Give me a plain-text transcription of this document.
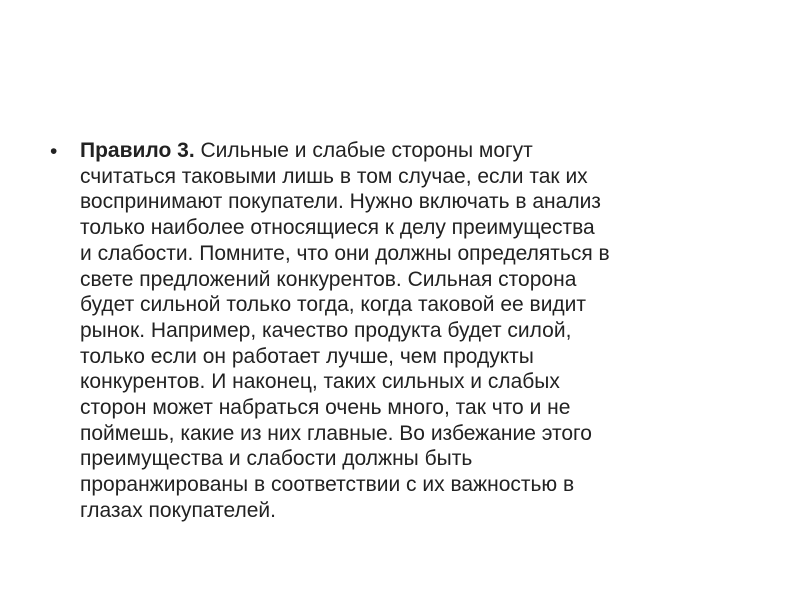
•
Правило 3. Сильные и слабые стороны могут
считаться таковыми лишь в том случае, если так их
воспринимают покупатели. Нужно включать в анализ
только наиболее относящиеся к делу преимущества
и слабости. Помните, что они должны определяться в
свете предложений конкурентов. Сильная сторона
будет сильной только тогда, когда таковой ее видит
рынок. Например, качество продукта будет силой,
только если он работает лучше, чем продукты
конкурентов. И наконец, таких сильных и слабых
сторон может набраться очень много, так что и не
поймешь, какие из них главные. Во избежание этого
преимущества и слабости должны быть
проранжированы в соответствии с их важностью в
глазах покупателей.
